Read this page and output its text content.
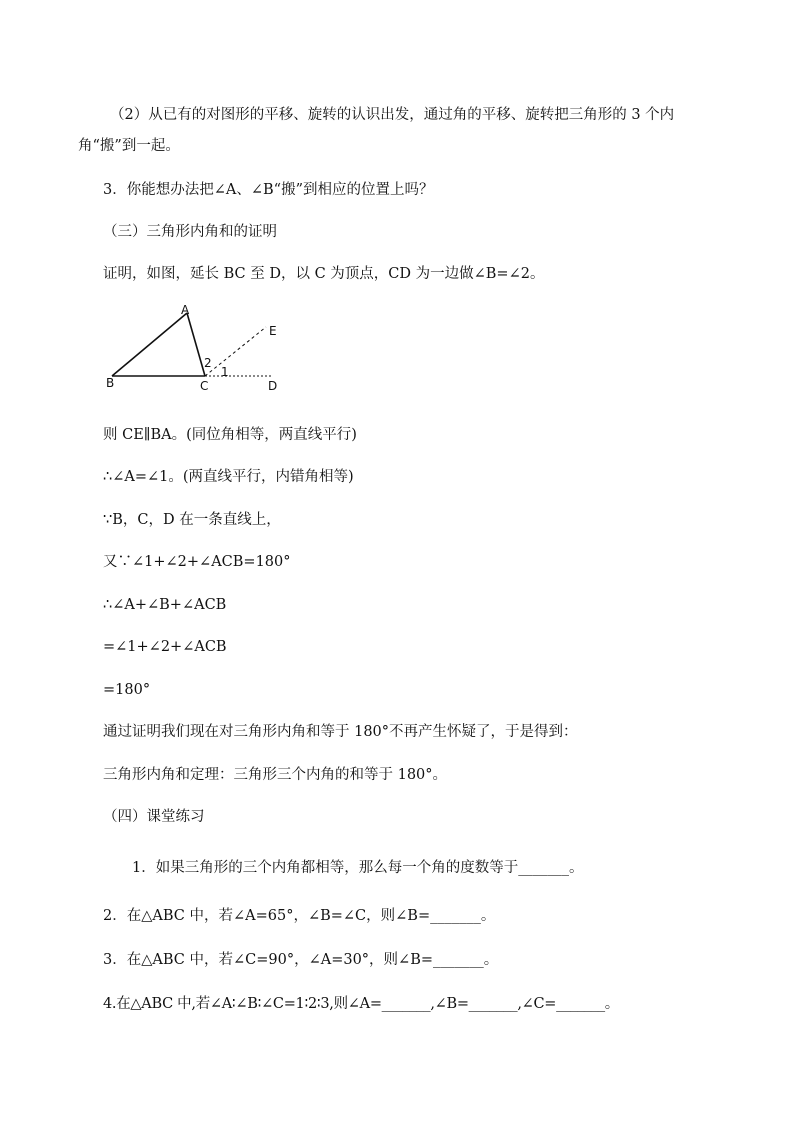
（2）从已有的对图形的平移、旋转的认识出发，通过角的平移、旋转把三角形的 3 个内
角“搬”到一起。
3．你能想办法把∠A、∠B“搬”到相应的位置上吗？
（三）三角形内角和的证明
证明，如图，延长 BC 至 D，以 C 为顶点，CD 为一边做∠B=∠2。
A
B	C	D
E
1
2
则 CE∥BA。(同位角相等，两直线平行)
∴∠A=∠1。(两直线平行，内错角相等)
∵B，C，D 在一条直线上，
又∵∠1+∠2+∠ACB=180°
∴∠A+∠B+∠ACB
=∠1+∠2+∠ACB
=180°
通过证明我们现在对三角形内角和等于 180°不再产生怀疑了，于是得到：
三角形内角和定理：三角形三个内角的和等于 180°。
（四）课堂练习
1．如果三角形的三个内角都相等，那么每一个角的度数等于_______。
2．在△ABC 中，若∠A=65°，∠B=∠C，则∠B=_______。
3．在△ABC 中，若∠C=90°，∠A=30°，则∠B=_______。
4.在△ABC 中,若∠A∶∠B∶∠C=1∶2∶3,则∠A=_______,∠B=_______,∠C=_______。
